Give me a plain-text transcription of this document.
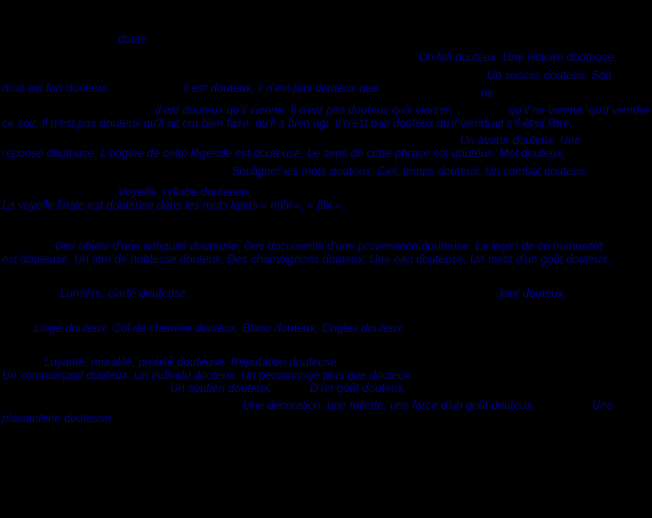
doute.
Un fait douteux. Une victoire douteuse,
Un succès douteux. Son
droit est fort douteux.	Il est douteux, il n'est pas douteux que	ne
Il est douteux qu'il vienne. Il n'est pas douteux qu'il vienne,	qu'il ne vienne, qu'il viendra
ce soir. Il n'est pas douteux qu'il ait cru bien faire, qu'il a bien agi. Il n'est pas douteux qu'il viendrait s'il était libre.
Un avenir douteux. Une
réponse douteuse. L'origine de cette légende est douteuse. Le sens de cette phrase est douteux. Mot douteux,
Souligner les mots douteux. Ciel, temps douteux. Un combat douteux,
Voyelle, syllabe douteuse,
La voyelle finale est douteuse dans les mots latins « mihi », « tibi ».
Des objets d'une antiquité douteuse. Des documents d'une provenance douteuse. La leçon de ce manuscrit
est douteuse. Un titre de noblesse douteux. Des champignons douteux. Une eau douteuse. Un mets d'un goût douteux,
Lumière, clarté douteuse,	Jour douteux,
Linge douteux. Col de chemise douteux. Blanc douteux. Ongles douteux.
Loyauté, moralité, probité douteuse. Réputation douteuse.
Un commerçant douteux. Un individu douteux. Un personnage plus que douteux.
Un soutien douteux.	D'un goût douteux,
Une décoration, une toilette, une farce d'un goût douteux.	Une
plaisanterie douteuse.
